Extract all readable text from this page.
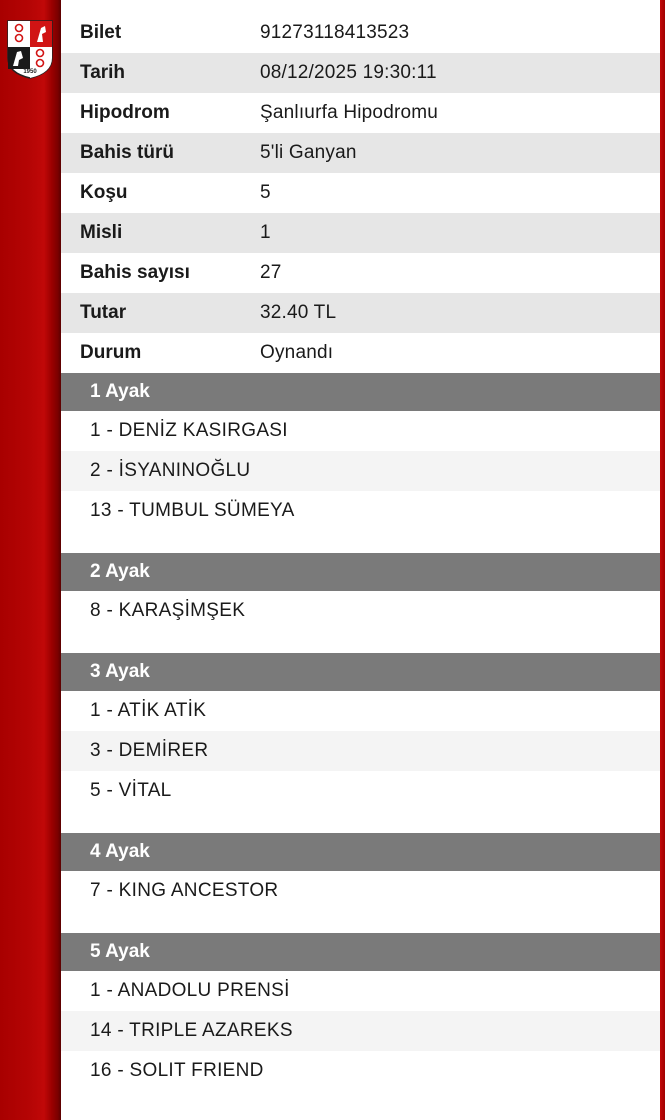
1950
Bilet	91273118413523
Tarih	08/12/2025 19:30:11
Hipodrom	Şanlıurfa Hipodromu
Bahis türü	5'li Ganyan
Koşu	5
Misli	1
Bahis sayısı	27
Tutar	32.40 TL
Durum	Oynandı
1 Ayak
1 - DENİZ KASIRGASI
2 - İSYANINOĞLU
13 - TUMBUL SÜMEYA
2 Ayak
8 - KARAŞİMŞEK
3 Ayak
1 - ATİK ATİK
3 - DEMİRER
5 - VİTAL
4 Ayak
7 - KING ANCESTOR
5 Ayak
1 - ANADOLU PRENSİ
14 - TRIPLE AZAREKS
16 - SOLIT FRIEND
